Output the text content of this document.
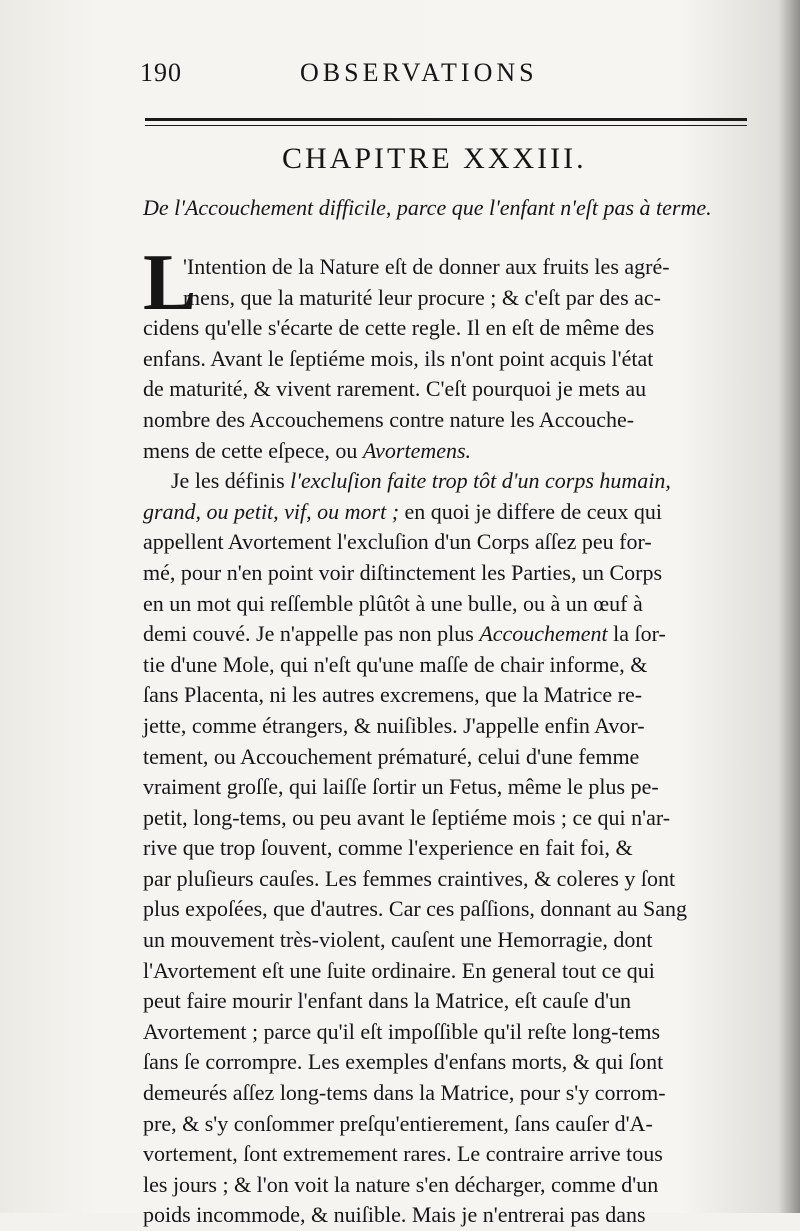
190	OBSERVATIONS
CHAPITRE XXXIII.
De l'Accouchement difficile, parce que l'enfant n'eſt pas à terme.
L
'Intention de la Nature eſt de donner aux fruits les agré-
mens, que la maturité leur procure ; & c'eſt par des ac-
cidens qu'elle s'écarte de cette regle. Il en eſt de même des
enfans. Avant le ſeptiéme mois, ils n'ont point acquis l'état
de maturité, & vivent rarement. C'eſt pourquoi je mets au
nombre des Accouchemens contre nature les Accouche-
mens de cette eſpece, ou Avortemens.
Je les définis l'excluſion faite trop tôt d'un corps humain,
grand, ou petit, vif, ou mort ; en quoi je differe de ceux qui
appellent Avortement l'excluſion d'un Corps aſſez peu for-
mé, pour n'en point voir diſtinctement les Parties, un Corps
en un mot qui reſſemble plûtôt à une bulle, ou à un œuf à
demi couvé. Je n'appelle pas non plus Accouchement la ſor-
tie d'une Mole, qui n'eſt qu'une maſſe de chair informe, &
ſans Placenta, ni les autres excremens, que la Matrice re-
jette, comme étrangers, & nuiſibles. J'appelle enfin Avor-
tement, ou Accouchement prématuré, celui d'une femme
vraiment groſſe, qui laiſſe ſortir un Fetus, même le plus pe-
petit, long-tems, ou peu avant le ſeptiéme mois ; ce qui n'ar-
rive que trop ſouvent, comme l'experience en fait foi, &
par pluſieurs cauſes. Les femmes craintives, & coleres y ſont
plus expoſées, que d'autres. Car ces paſſions, donnant au Sang
un mouvement très-violent, cauſent une Hemorragie, dont
l'Avortement eſt une ſuite ordinaire. En general tout ce qui
peut faire mourir l'enfant dans la Matrice, eſt cauſe d'un
Avortement ; parce qu'il eſt impoſſible qu'il reſte long-tems
ſans ſe corrompre. Les exemples d'enfans morts, & qui ſont
demeurés aſſez long-tems dans la Matrice, pour s'y corrom-
pre, & s'y conſommer preſqu'entierement, ſans cauſer d'A-
vortement, ſont extremement rares. Le contraire arrive tous
les jours ; & l'on voit la nature s'en décharger, comme d'un
poids incommode, & nuiſible. Mais je n'entrerai pas dans
